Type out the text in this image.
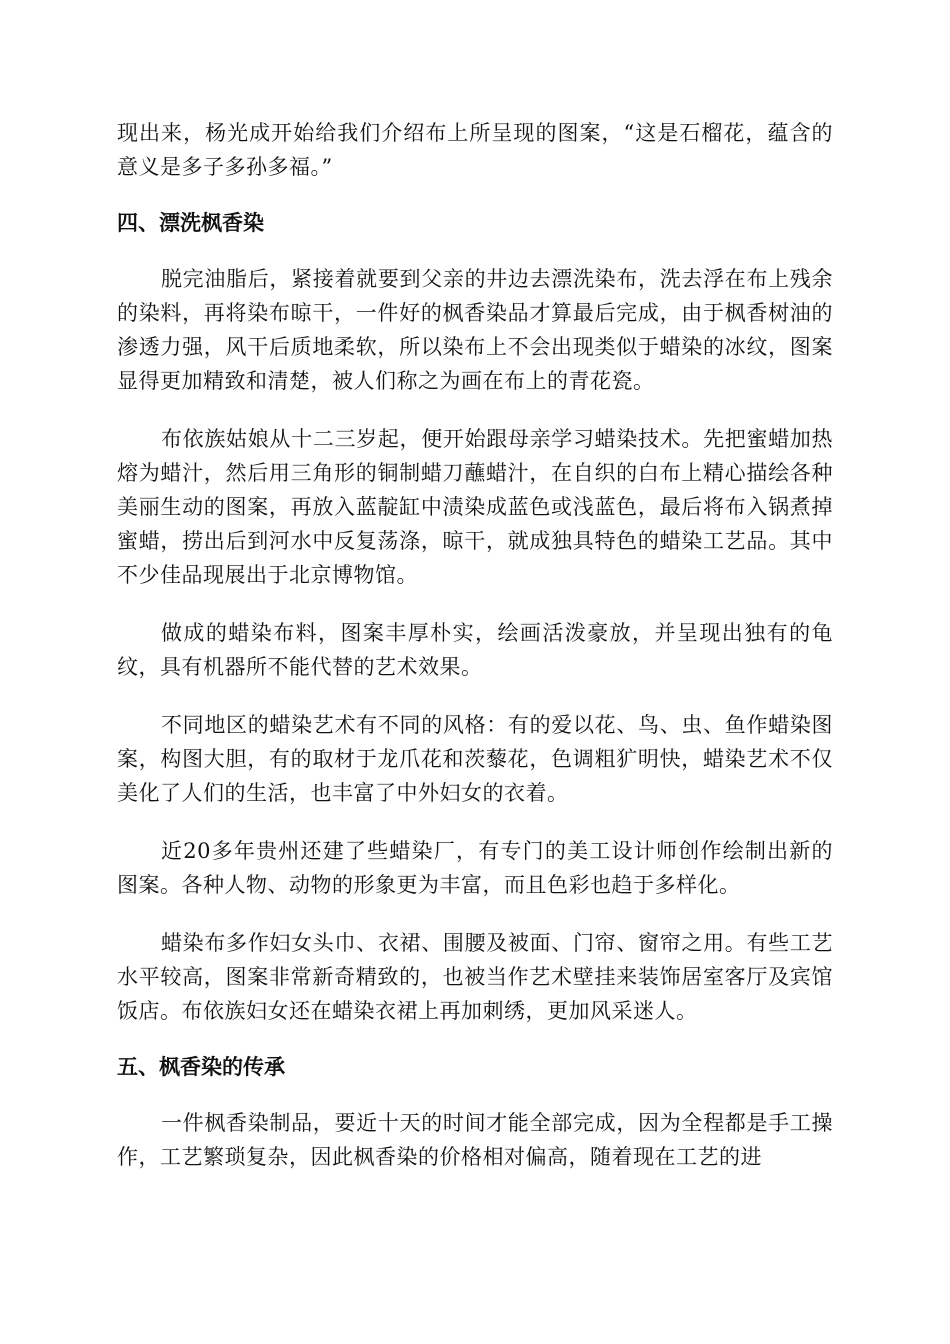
现出来，杨光成开始给我们介绍布上所呈现的图案，“这是石榴花，蕴含的意义是多子多孙多福。”

四、漂洗枫香染

脱完油脂后，紧接着就要到父亲的井边去漂洗染布，洗去浮在布上残余的染料，再将染布晾干，一件好的枫香染品才算最后完成，由于枫香树油的渗透力强，风干后质地柔软，所以染布上不会出现类似于蜡染的冰纹，图案显得更加精致和清楚，被人们称之为画在布上的青花瓷。

布依族姑娘从十二三岁起，便开始跟母亲学习蜡染技术。先把蜜蜡加热熔为蜡汁，然后用三角形的铜制蜡刀蘸蜡汁，在自织的白布上精心描绘各种美丽生动的图案，再放入蓝靛缸中渍染成蓝色或浅蓝色，最后将布入锅煮掉蜜蜡，捞出后到河水中反复荡涤，晾干，就成独具特色的蜡染工艺品。其中不少佳品现展出于北京博物馆。

做成的蜡染布料，图案丰厚朴实，绘画活泼豪放，并呈现出独有的龟纹，具有机器所不能代替的艺术效果。

不同地区的蜡染艺术有不同的风格：有的爱以花、鸟、虫、鱼作蜡染图案，构图大胆，有的取材于龙爪花和茨藜花，色调粗犷明快，蜡染艺术不仅美化了人们的生活，也丰富了中外妇女的衣着。

近20多年贵州还建了些蜡染厂，有专门的美工设计师创作绘制出新的图案。各种人物、动物的形象更为丰富，而且色彩也趋于多样化。

蜡染布多作妇女头巾、衣裙、围腰及被面、门帘、窗帘之用。有些工艺水平较高，图案非常新奇精致的，也被当作艺术壁挂来装饰居室客厅及宾馆饭店。布依族妇女还在蜡染衣裙上再加刺绣，更加风采迷人。

五、枫香染的传承

一件枫香染制品，要近十天的时间才能全部完成，因为全程都是手工操作，工艺繁琐复杂，因此枫香染的价格相对偏高，随着现在工艺的进
